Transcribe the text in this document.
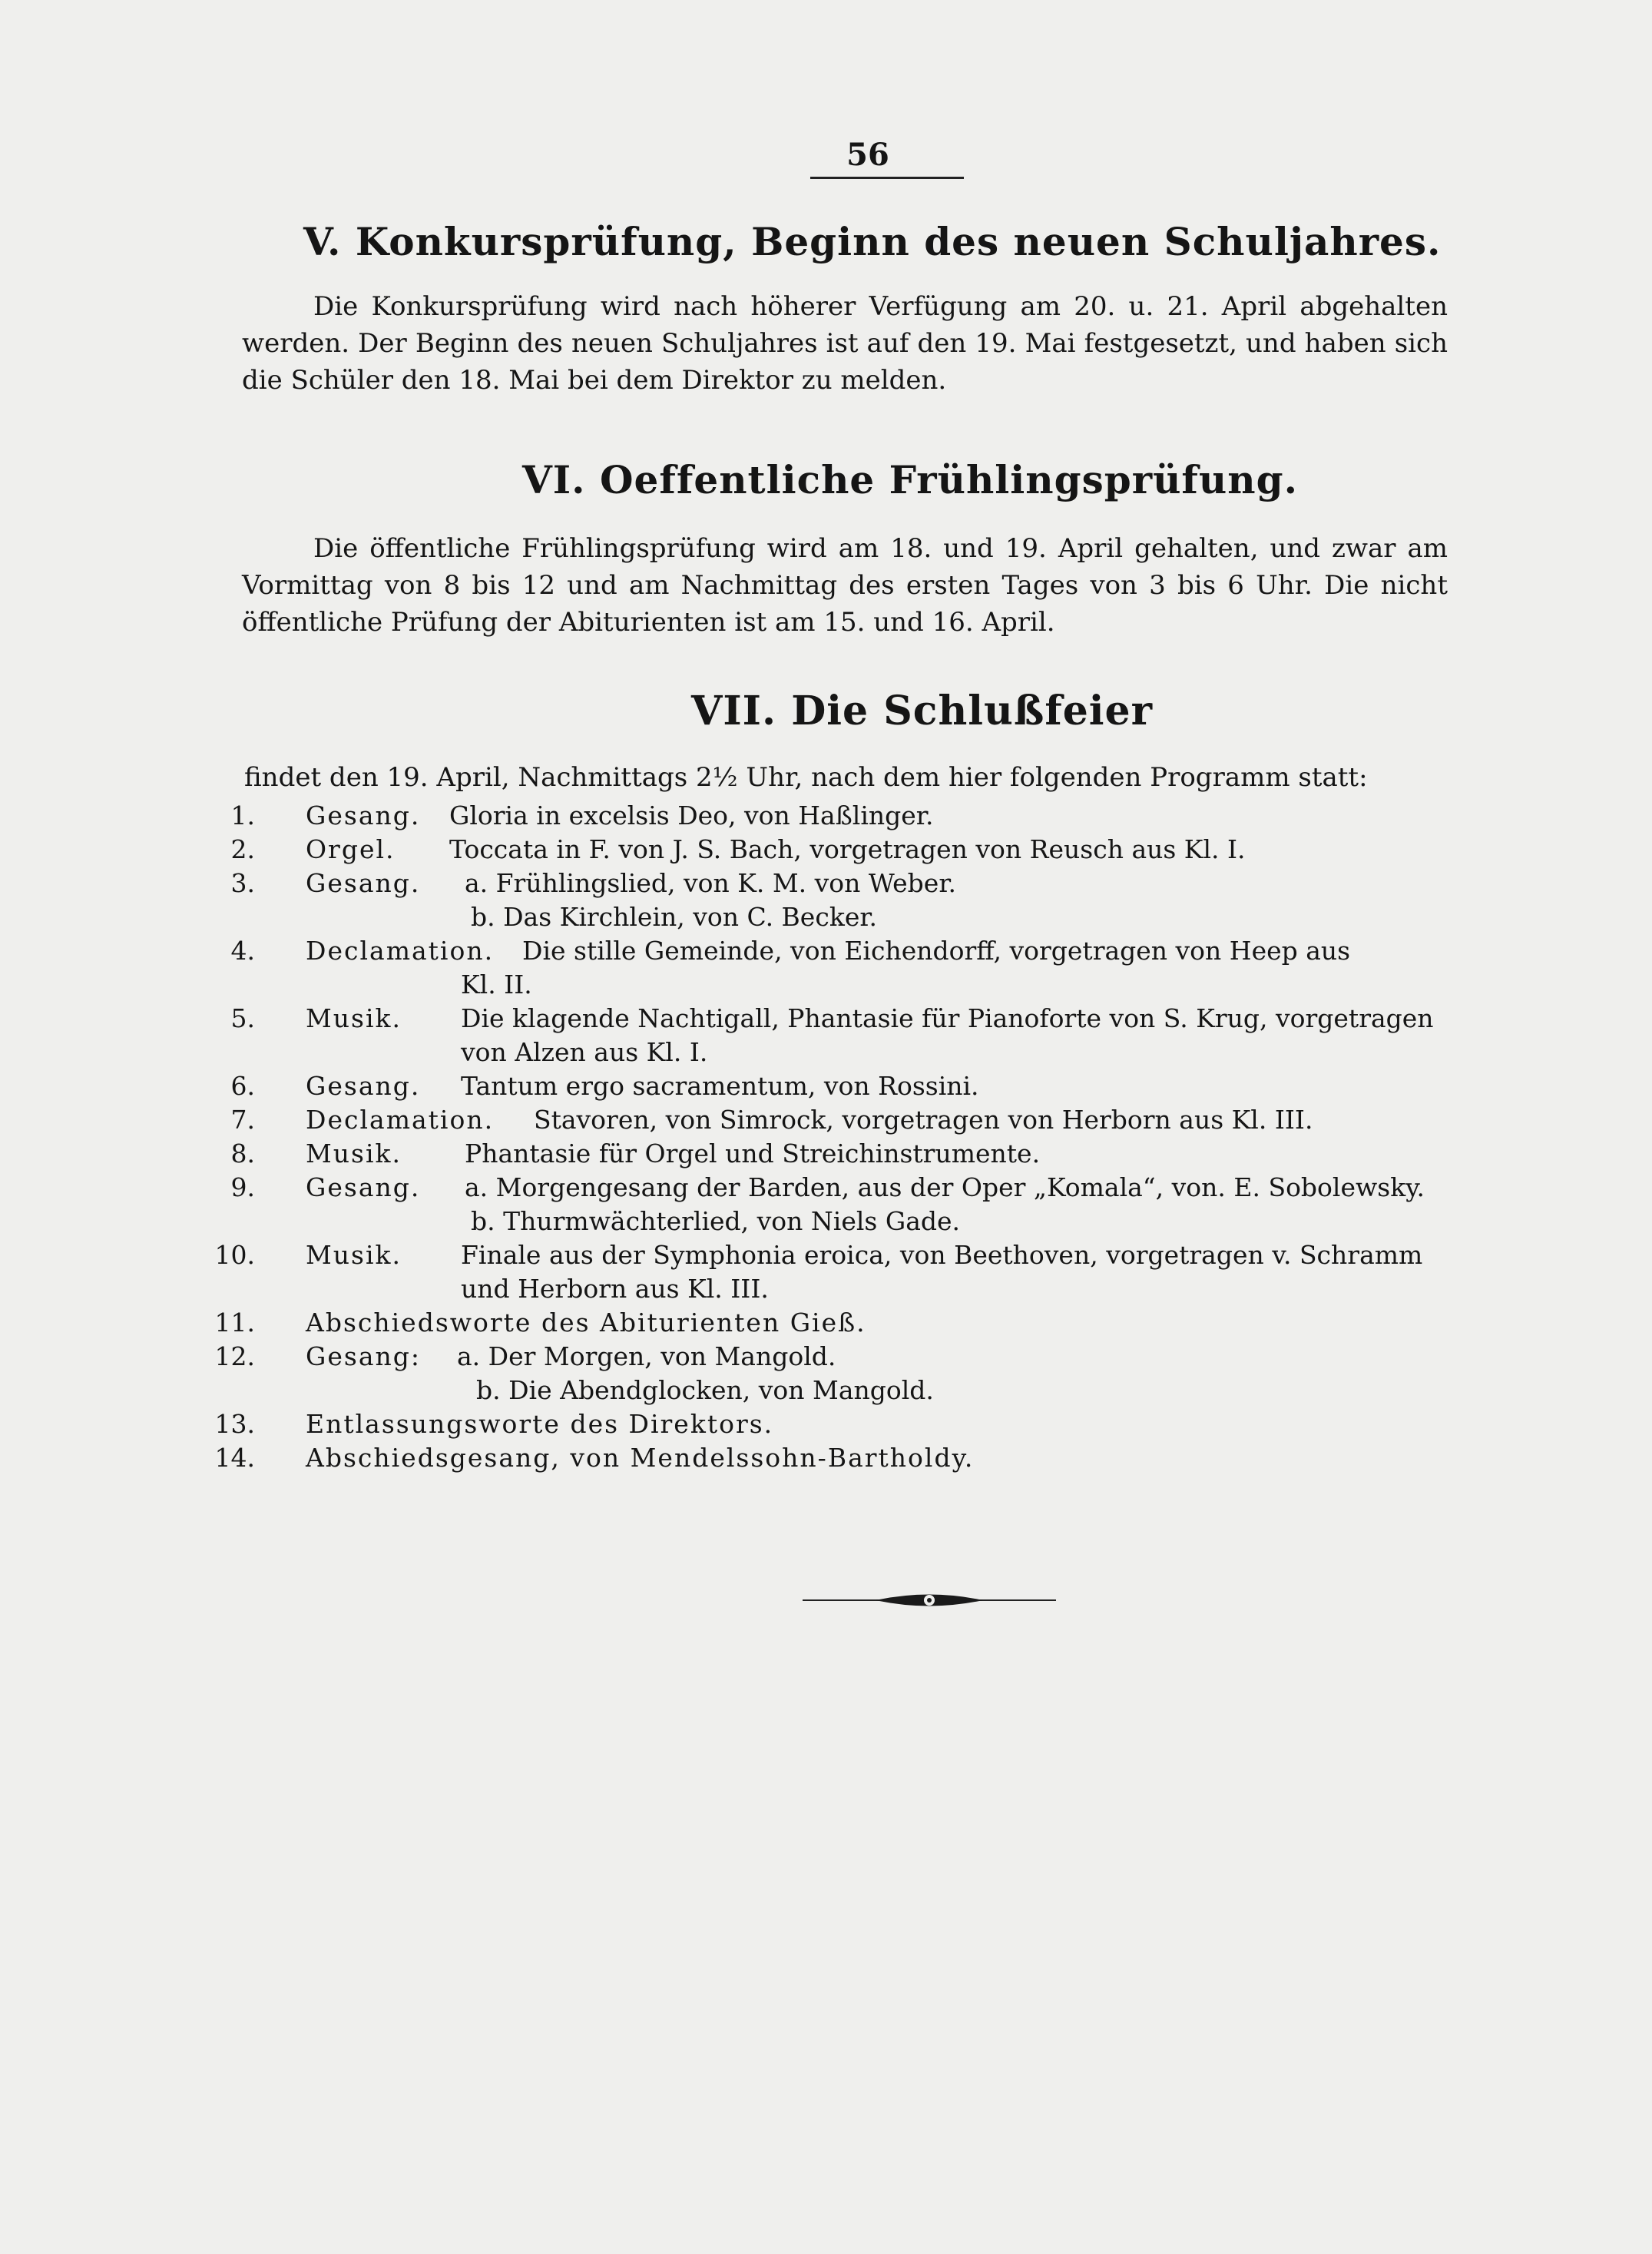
56
V. Konkursprüfung, Beginn des neuen Schuljahres.
Die Konkursprüfung wird nach höherer Verfügung am 20. u. 21. April abgehalten werden. Der Beginn des neuen Schuljahres ist auf den 19. Mai festgesetzt, und haben sich die Schüler den 18. Mai bei dem Direktor zu melden.
VI. Oeffentliche Frühlingsprüfung.
Die öffentliche Frühlingsprüfung wird am 18. und 19. April gehalten, und zwar am Vormittag von 8 bis 12 und am Nachmittag des ersten Tages von 3 bis 6 Uhr. Die nicht öffentliche Prüfung der Abiturienten ist am 15. und 16. April.
VII. Die Schlußfeier
findet den 19. April, Nachmittags 2½ Uhr, nach dem hier folgenden Programm statt:
1. Gesang. Gloria in excelsis Deo, von Haßlinger.
2. Orgel. Toccata in F. von J. S. Bach, vorgetragen von Reusch aus Kl. I.
3. Gesang. a. Frühlingslied, von K. M. von Weber.
b. Das Kirchlein, von C. Becker.
4. Declamation. Die stille Gemeinde, von Eichendorff, vorgetragen von Heep aus
Kl. II.
5. Musik. Die klagende Nachtigall, Phantasie für Pianoforte von S. Krug, vorgetragen
von Alzen aus Kl. I.
6. Gesang. Tantum ergo sacramentum, von Rossini.
7. Declamation. Stavoren, von Simrock, vorgetragen von Herborn aus Kl. III.
8. Musik. Phantasie für Orgel und Streichinstrumente.
9. Gesang. a. Morgengesang der Barden, aus der Oper „Komala“, von. E. Sobolewsky.
b. Thurmwächterlied, von Niels Gade.
10. Musik. Finale aus der Symphonia eroica, von Beethoven, vorgetragen v. Schramm
und Herborn aus Kl. III.
11. Abschiedsworte des Abiturienten Gieß.
12. Gesang: a. Der Morgen, von Mangold.
b. Die Abendglocken, von Mangold.
13. Entlassungsworte des Direktors.
14. Abschiedsgesang, von Mendelssohn-Bartholdy.
